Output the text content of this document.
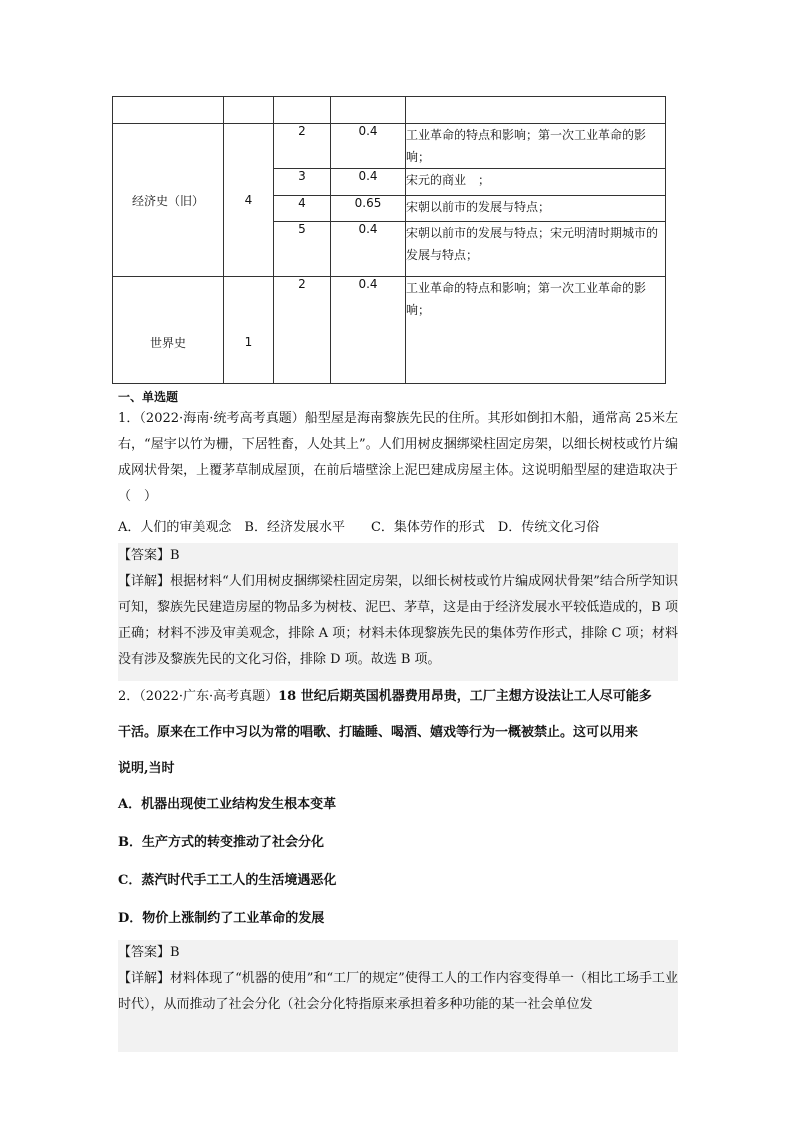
经济史（旧）	4	2	0.4	工业革命的特点和影响；第一次工业革命的影响；
		3	0.4	宋元的商业　；
		4	0.65	宋朝以前市的发展与特点；
		5	0.4	宋朝以前市的发展与特点；宋元明清时期城市的发展与特点；
世界史	1	2	0.4	工业革命的特点和影响；第一次工业革命的影响；
一、单选题
1．（2022·海南·统考高考真题）船型屋是海南黎族先民的住所。其形如倒扣木船，通常高 25米左右，“屋宇以竹为栅，下居牲畜，人处其上”。人们用树皮捆绑梁柱固定房架，以细长树枝或竹片编成网状骨架，上覆茅草制成屋顶，在前后墙壁涂上泥巴建成房屋主体。这说明船型屋的建造取决于（　）
A．人们的审美观念　B．经济发展水平　　C．集体劳作的形式　D．传统文化习俗
【答案】B
【详解】根据材料“人们用树皮捆绑梁柱固定房架，以细长树枝或竹片编成网状骨架”结合所学知识可知，黎族先民建造房屋的物品多为树枝、泥巴、茅草，这是由于经济发展水平较低造成的，B 项正确；材料不涉及审美观念，排除 A 项；材料未体现黎族先民的集体劳作形式，排除 C 项；材料没有涉及黎族先民的文化习俗，排除 D 项。故选 B 项。
2．（2022·广东·高考真题）18 世纪后期英国机器费用昂贵，工厂主想方设法让工人尽可能多
干活。原来在工作中习以为常的唱歌、打瞌睡、喝酒、嬉戏等行为一概被禁止。这可以用来
说明,当时
A．机器出现使工业结构发生根本变革
B．生产方式的转变推动了社会分化
C．蒸汽时代手工工人的生活境遇恶化
D．物价上涨制约了工业革命的发展
【答案】B
【详解】材料体现了“机器的使用”和“工厂的规定”使得工人的工作内容变得单一（相比工场手工业时代），从而推动了社会分化（社会分化特指原来承担着多种功能的某一社会单位发
